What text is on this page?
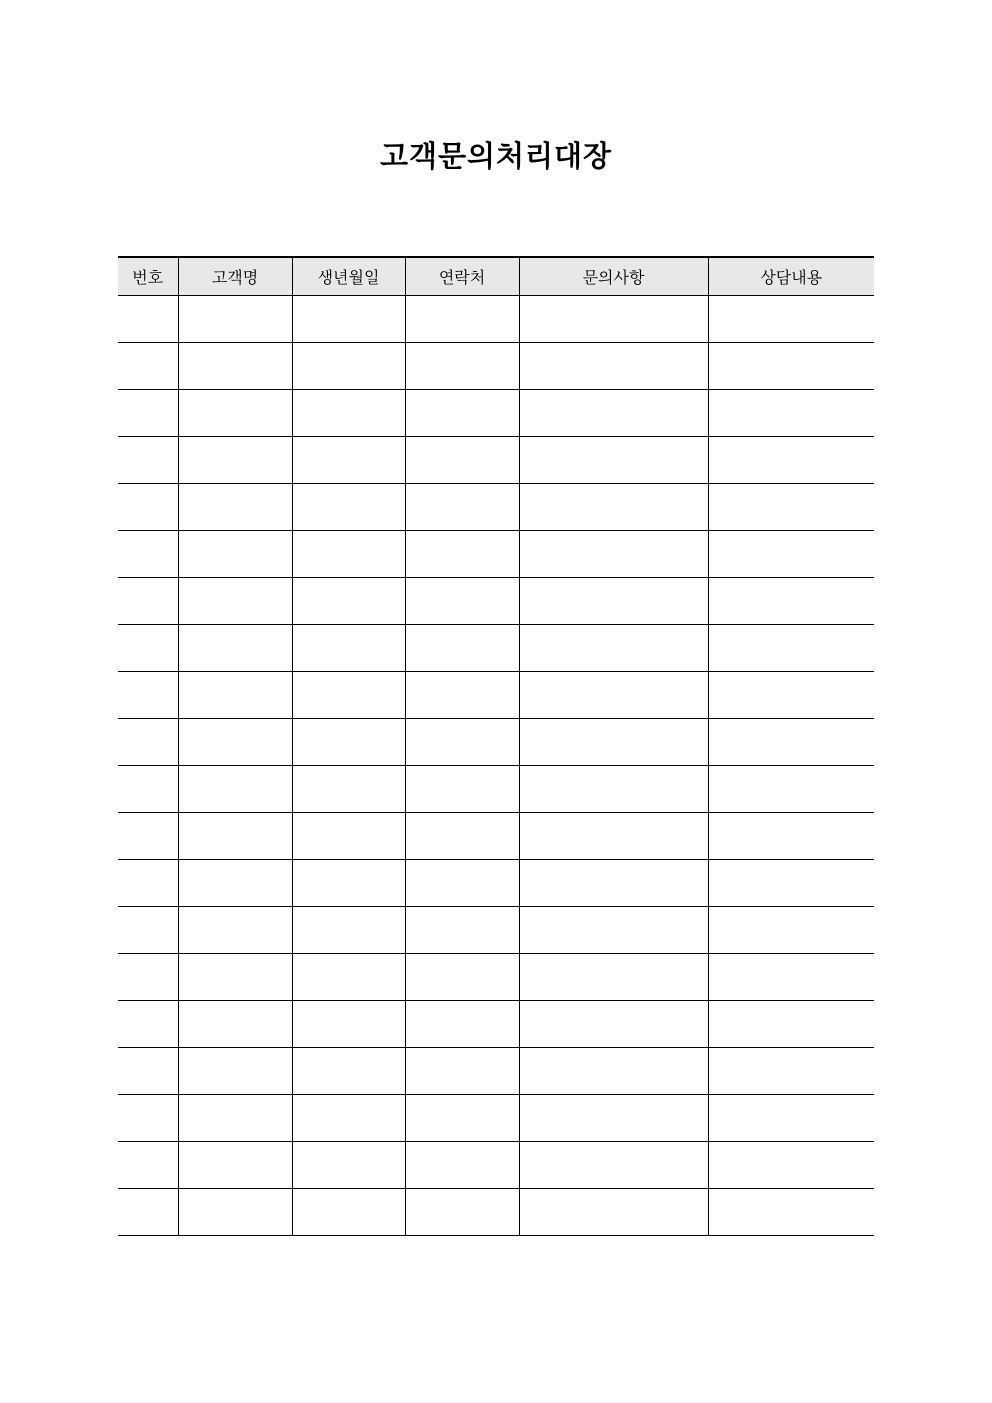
고객문의처리대장
번호	고객명	생년월일	연락처	문의사항	상담내용
